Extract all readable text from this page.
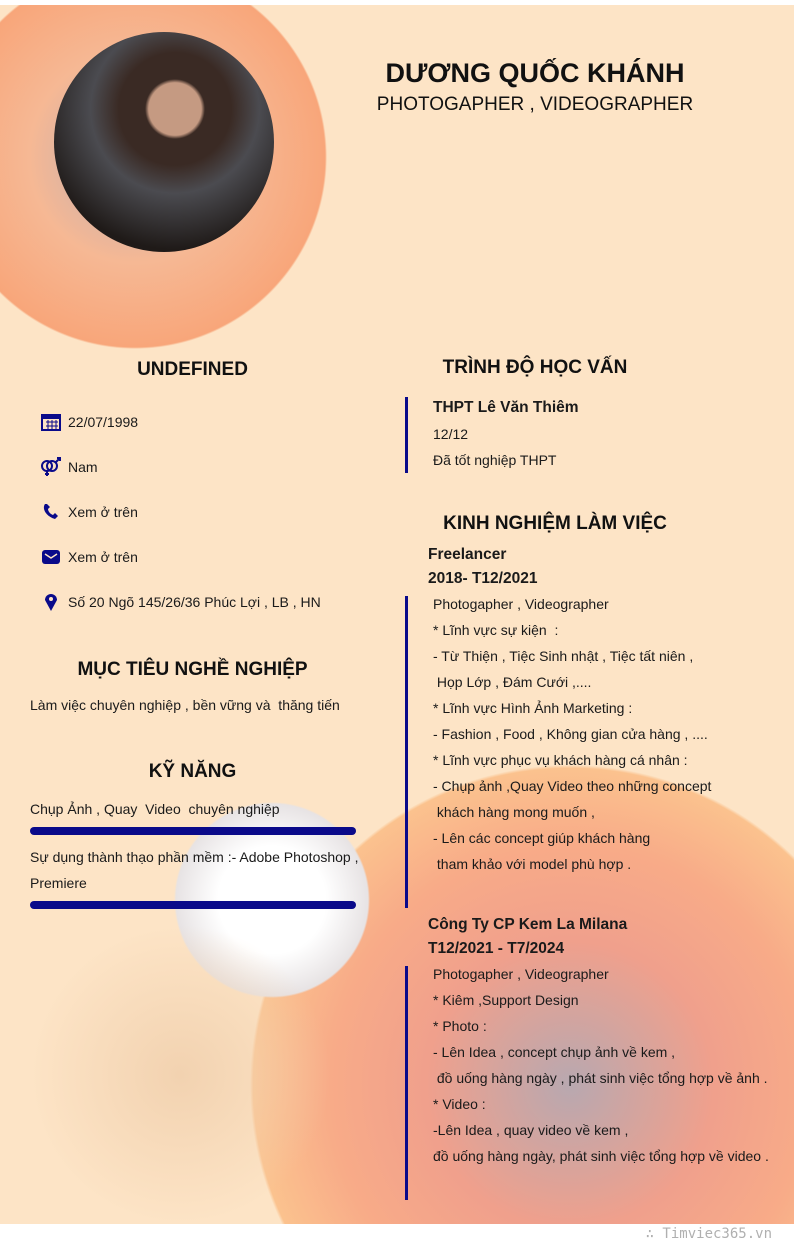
DƯƠNG QUỐC KHÁNH
PHOTOGAPHER , VIDEOGRAPHER
UNDEFINED
22/07/1998
Nam
Xem ở trên
Xem ở trên
Số 20 Ngõ 145/26/36 Phúc Lợi , LB , HN
MỤC TIÊU NGHỀ NGHIỆP
Làm việc chuyên nghiệp , bền vững và  thăng tiến
KỸ NĂNG
Chụp Ảnh , Quay  Video  chuyên nghiệp
Sự dụng thành thạo phần mềm :- Adobe Photoshop ,
Premiere
TRÌNH ĐỘ HỌC VẤN
THPT Lê Văn Thiêm
12/12
Đã tốt nghiệp THPT
KINH NGHIỆM LÀM VIỆC
Freelancer
2018- T12/2021
Photogapher , Videographer
* Lĩnh vực sự kiện  :
- Từ Thiện , Tiệc Sinh nhật , Tiệc tất niên ,
Họp Lớp , Đám Cưới ,....
* Lĩnh vực Hình Ảnh Marketing :
- Fashion , Food , Không gian cửa hàng , ....
* Lĩnh vực phục vụ khách hàng cá nhân :
- Chụp ảnh ,Quay Video theo những concept
khách hàng mong muốn ,
- Lên các concept giúp khách hàng
tham khảo với model phù hợp .
Công Ty CP Kem La Milana
T12/2021 - T7/2024
Photogapher , Videographer
* Kiêm ,Support Design
* Photo :
- Lên Idea , concept chụp ảnh về kem ,
đồ uống hàng ngày , phát sinh việc tổng hợp về ảnh .
* Video :
-Lên Idea , quay video về kem ,
đồ uống hàng ngày, phát sinh việc tổng hợp về video .
∴ Timviec365.vn
